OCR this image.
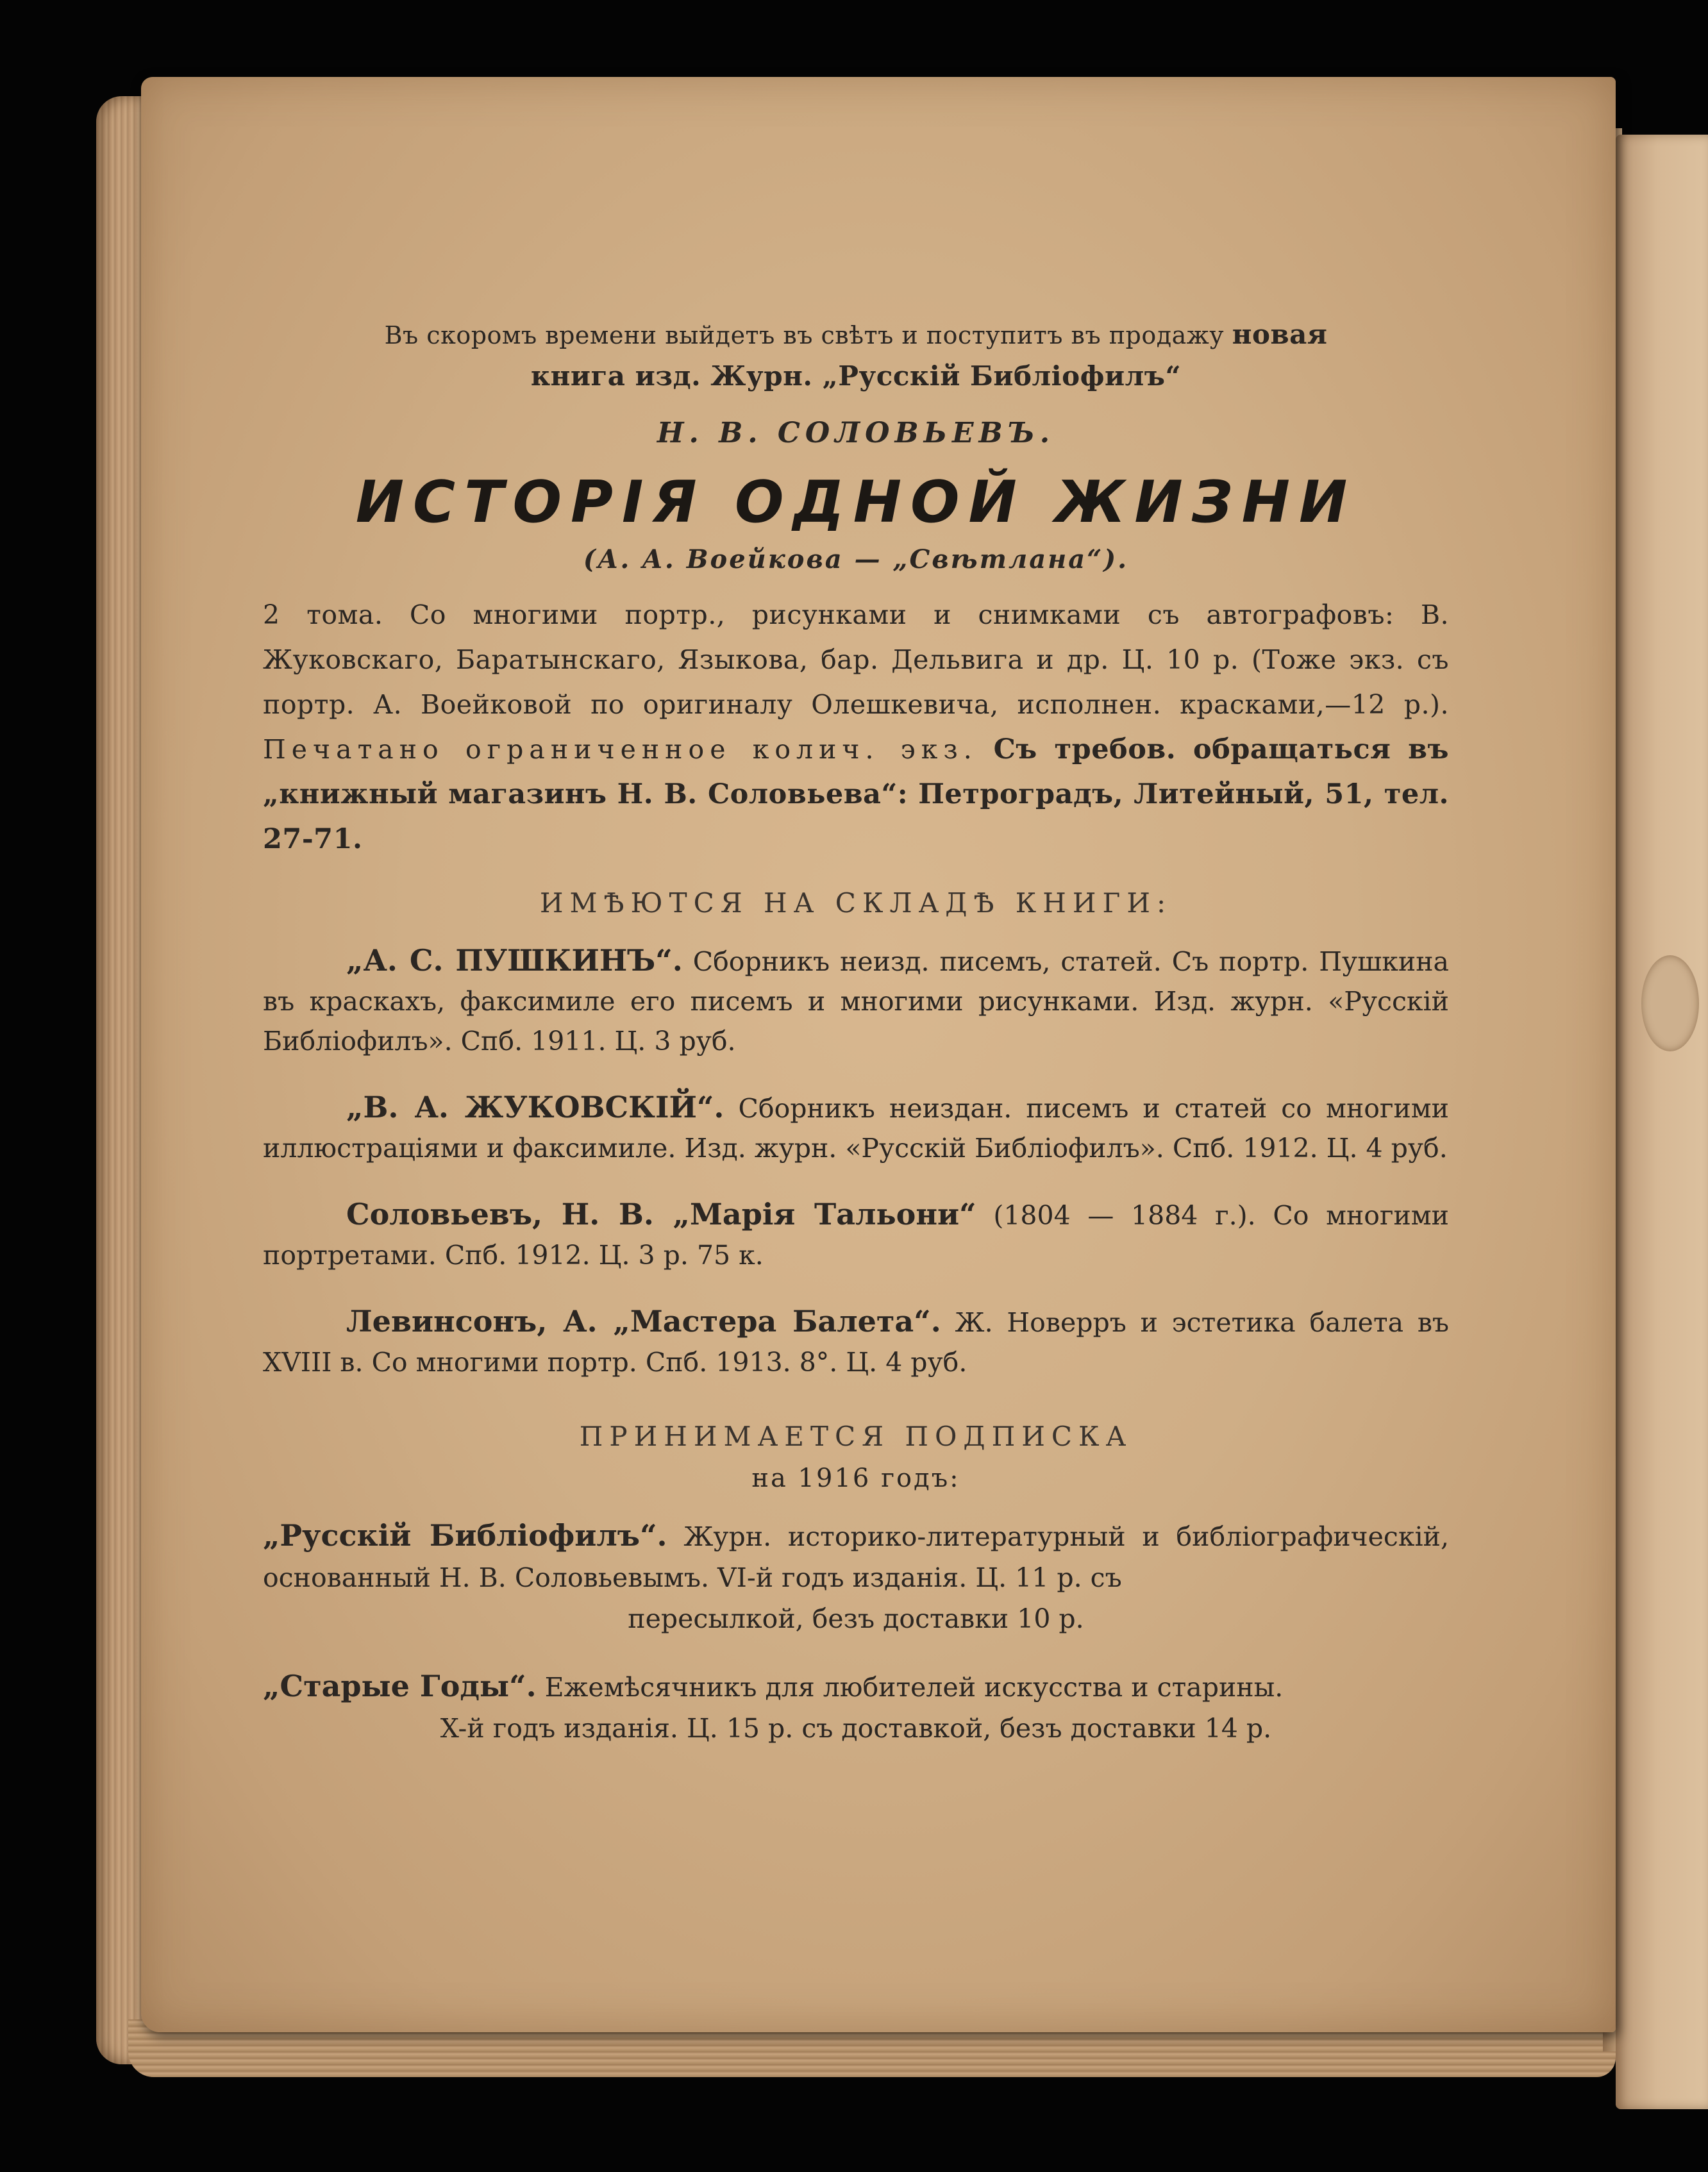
Въ скоромъ времени выйдетъ въ свѣтъ и поступитъ въ продажу новая
книга изд. Журн. „Русскій Библіофилъ“

Н. В. СОЛОВЬЕВЪ.
ИСТОРІЯ ОДНОЙ ЖИЗНИ
(А. А. Воейкова — „Свѣтлана“).

2 тома. Со многими портр., рисунками и снимками съ автографовъ: В. Жуковскаго, Баратынскаго, Языкова, бар. Дельвига и др. Ц. 10 р. (Тоже экз. съ портр. А. Воейковой по оригиналу Олешкевича, исполнен. красками,—12 р.). Печатано ограниченное колич. экз. Съ требов. обращаться въ „книжный магазинъ Н. В. Соловьева“: Петроградъ, Литейный, 51, тел. 27-71.

ИМѢЮТСЯ НА СКЛАДѢ КНИГИ:

„А. С. ПУШКИНЪ“. Сборникъ неизд. писемъ, статей. Съ портр. Пушкина въ краскахъ, факсимиле его писемъ и многими рисунками. Изд. журн. «Русскій Библіофилъ». Спб. 1911. Ц. 3 руб.

„В. А. ЖУКОВСКІЙ“. Сборникъ неиздан. писемъ и статей со многими иллюстраціями и факсимиле. Изд. журн. «Русскій Библіофилъ». Спб. 1912. Ц. 4 руб.

Соловьевъ, Н. В. „Марія Тальони“ (1804 — 1884 г.). Со многими портретами. Спб. 1912. Ц. 3 р. 75 к.

Левинсонъ, А. „Мастера Балета“. Ж. Новерръ и эстетика балета въ XVIII в. Со многими портр. Спб. 1913. 8°. Ц. 4 руб.

ПРИНИМАЕТСЯ ПОДПИСКА
на 1916 годъ:

„Русскій Библіофилъ“. Журн. историко-литературный и библіографическій, основанный Н. В. Соловьевымъ. VI-й годъ изданія. Ц. 11 р. съ
пересылкой, безъ доставки 10 р.

„Старые Годы“. Ежемѣсячникъ для любителей искусства и старины.
X-й годъ изданія. Ц. 15 р. съ доставкой, безъ доставки 14 р.
